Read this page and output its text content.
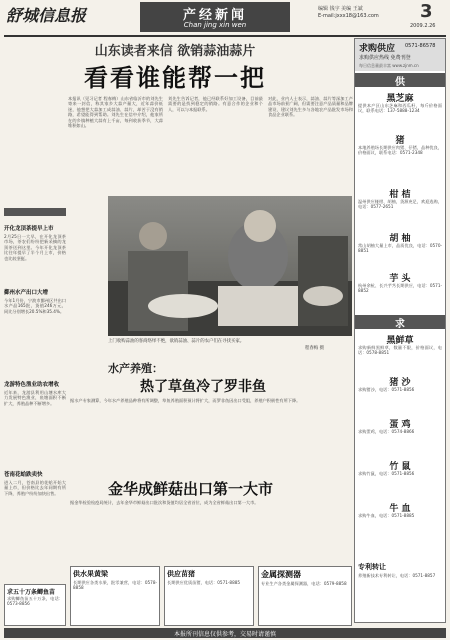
舒城信息报	产经新闻
Chan jing xin wen
编辑 钱宇 美编 王斌
E-mail:jxxx18@163.com 3
2009.2.26
山东读者来信 欲销蒜油蒜片
看看谁能帮一把
本报讯（见习记者 程春梅）山东省临沂市的刘先生寄来一封信，称其家乡大蒜产量大，近年蒜价低迷，他想把大蒜加工成蒜油、蒜片，却苦于没有销路，希望能得到帮助。刘先生在信中介绍，他家所在的乡镇种植大蒜有上千亩，每到收获季节，大蒜堆积如山。
刘先生告诉记者，他已经联系好加工设备，目前最需要的是找到稳定的销路。有意合作的企业和个人，可以与本报联系。
对此，业内人士表示，蒜油、蒜片等深加工产品市场前景广阔，但需要注意产品质量和品牌建设，建议刘先生多与各地农产品批发市场和食品企业联系。
开化龙顶茶提早上市
2月25日一大早，在开化龙顶茶市场，茶农们纷纷把新采摘的龙顶茶送到这里。今年开化龙顶茶比往年提早了半个月上市，价格也比较坚挺。
鄞州水产出口大增
今年1月份，宁波市鄞州区共出口水产品165批，货值246万元，同比分别增长20.5%和35.4%。
龙游特色渔业助农增收
近年来，龙游县利用山塘水库大力发展特色渔业，鱼塘面积不断扩大，养殖品种不断增多。
苍南花蛤跌卖快
进入二月，苍南县的花蛤开始大量上市，但价格比去年同期有所下降，养殖户纷纷加快出售。
上门收购蒜油的客商络绎不绝，欲销蒜油、蒜片的农户们在寻找买家。
程春梅 摄
水产养殖：
热了草鱼冷了罗非鱼
据水产专家测算，今年水产养殖品种将有所调整，草鱼养殖面积预计将扩大，而罗非鱼因出口受阻，养殖户积极性有所下降。
金华成鲜菇出口第一大市
据金华检验检疫局统计，去年金华市鲜菇出口批次和货值均居全省首位，成为全省鲜菇出口第一大市。
求购供应 0571-86578
求购供应热线 免费刊登
每日信息量最丰富 www.zjnm.cn
供
黑芝麻
提供本产区山东芝麻和西瓜籽，每斤价格面议，联系电话：137-5888-1234
猪
本地养殖场长期供应肉猪、仔猪，品种优良，价格面议，联系电话：0571-2348
柑 桔
温州供应椪柑、胡柚，货源充足，欢迎选购，电话：0577-2651
胡 柚
常山胡柚大量上市，品质优良，电话：0570-8851
芋 头
杭州余杭、长兴芋艿长期供应，电话：0571-8852
求
黑鲜草
求购新鲜黑鲜草，数量不限，价格面议，电话：0578-8851
猪 沙
求购猪沙，电话：0571-8856
蛋 鸡
求购蛋鸡，电话：0574-8866
竹 鼠
求购竹鼠，电话：0571-8856
牛 血
求购牛血，电话：0571-8885
求五十万条鲫鱼苗
求购鲫鱼苗五十万条，电话：0573-8856
供水果黄梁
长期供应各类水果，批零兼营，电话：0578-8858
供应苗猪
长期供应优质苗猪，电话：0571-8885
金属探测器
专业生产各类金属探测器，电话：0579-8858
专利转让
养殖新技术专利转让，电话：0571-8857
本报所刊信息仅供参考，交易时请谨慎
